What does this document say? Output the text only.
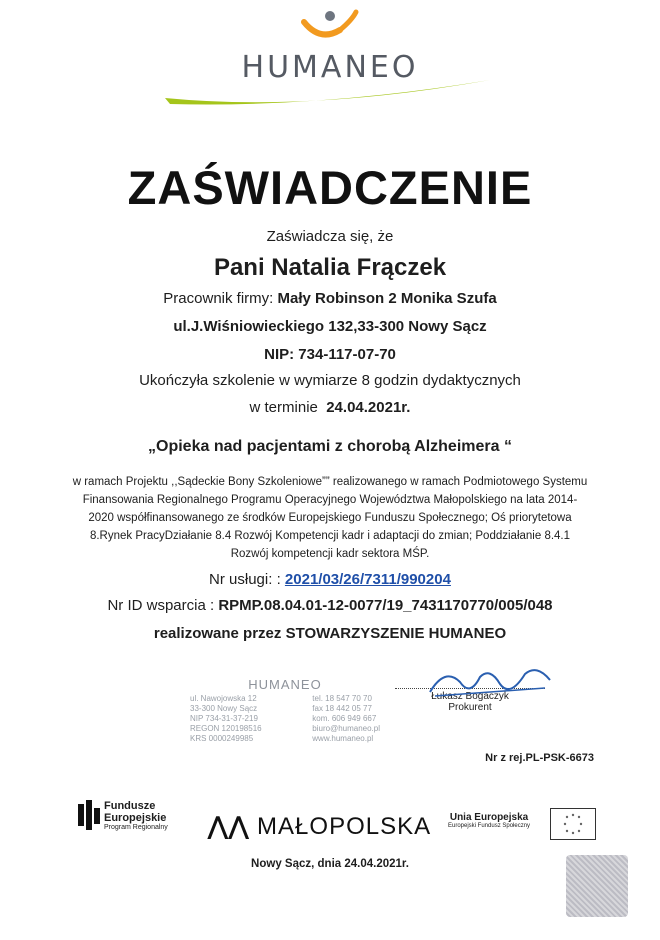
HUMANEO
ZAŚWIADCZENIE
Zaświadcza się, że
Pani Natalia Frączek
Pracownik firmy: Mały Robinson 2 Monika Szufa
ul.J.Wiśniowieckiego 132,33-300 Nowy Sącz
NIP: 734-117-07-70
Ukończyła szkolenie w wymiarze 8 godzin dydaktycznych
w terminie 24.04.2021r.
„Opieka nad pacjentami z chorobą Alzheimera “
w ramach Projektu ,,Sądeckie Bony Szkoleniowe”” realizowanego w ramach Podmiotowego Systemu Finansowania Regionalnego Programu Operacyjnego Województwa Małopolskiego na lata 2014-2020 współfinansowanego ze środków Europejskiego Funduszu Społecznego; Oś priorytetowa 8.Rynek PracyDziałanie 8.4 Rozwój Kompetencji kadr i adaptacji do zmian; Poddziałanie 8.4.1 Rozwój kompetencji kadr sektora MŚP.
Nr usługi: : 2021/03/26/7311/990204
Nr ID wsparcia : RPMP.08.04.01-12-0077/19_7431170770/005/048
realizowane przez STOWARZYSZENIE HUMANEO
HUMANEO
ul. Nawojowska 12
33-300 Nowy Sącz
NIP 734-31-37-219
REGON 120198516
KRS 0000249985
tel. 18 547 70 70
fax 18 442 05 77
kom. 606 949 667
biuro@humaneo.pl
www.humaneo.pl
Łukasz Bogaczyk
Prokurent
Nr z rej.PL-PSK-6673
Fundusze
Europejskie
Program Regionalny ⋀⋀ MAŁOPOLSKA Unia Europejska
Europejski Fundusz Społeczny
Nowy Sącz, dnia 24.04.2021r.
